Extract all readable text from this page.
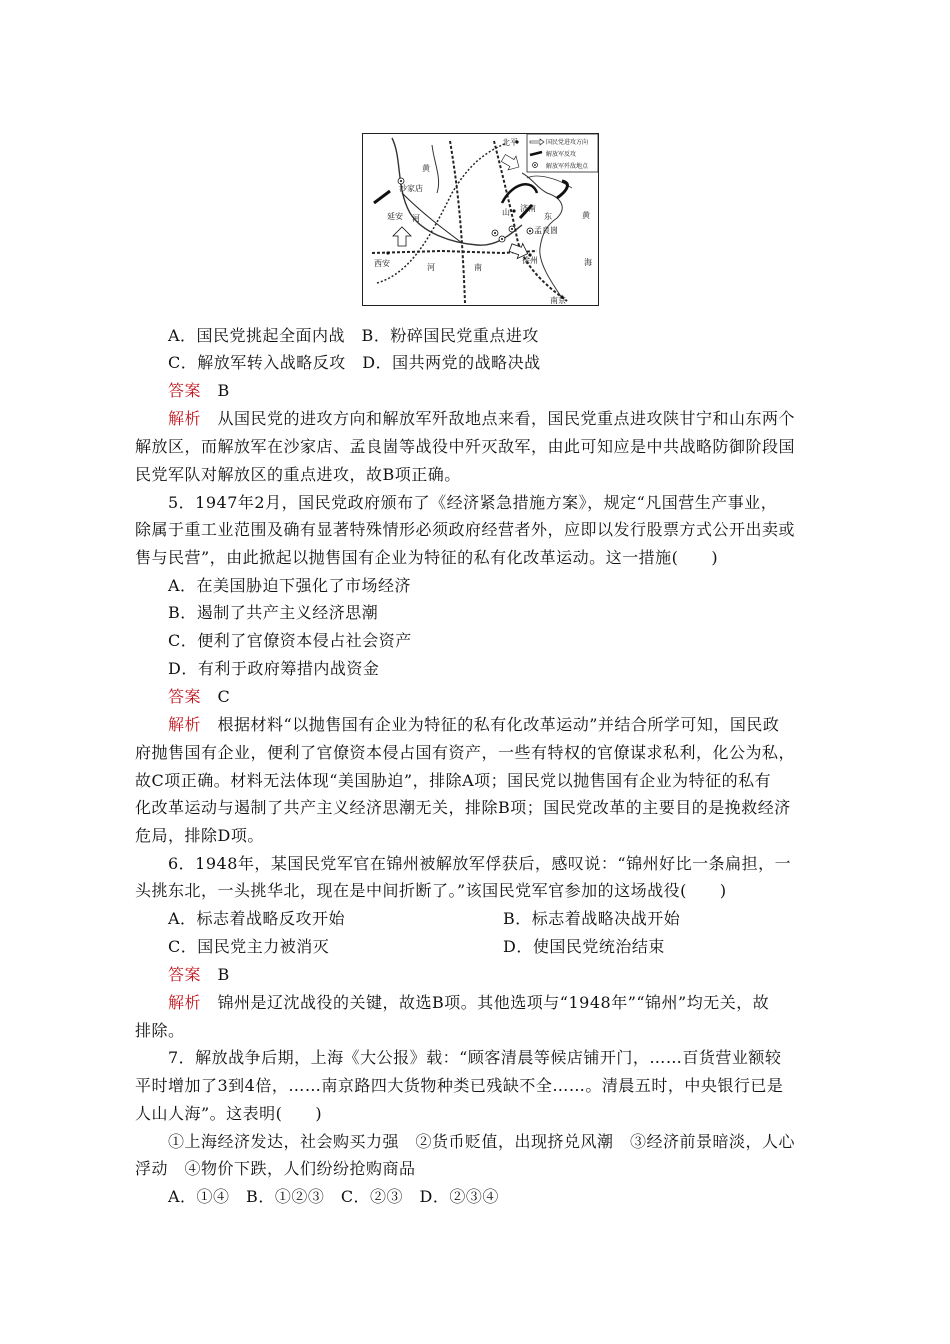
国民党进攻方向
解放军反攻
解放军歼敌地点
北平
黄
沙家店
延安 河
济南
山	东
孟良崮
徐州
黄
海
西安	河	南
南京
A．国民党挑起全面内战　B．粉碎国民党重点进攻
C．解放军转入战略反攻　D．国共两党的战略决战
答案　 B
解析　 从国民党的进攻方向和解放军歼敌地点来看，国民党重点进攻陕甘宁和山东两个
解放区，而解放军在沙家店、孟良崮等战役中歼灭敌军，由此可知应是中共战略防御阶段国
民党军队对解放区的重点进攻，故B项正确。
5．1947年2月，国民党政府颁布了《经济紧急措施方案》，规定“凡国营生产事业，
除属于重工业范围及确有显著特殊情形必须政府经营者外，应即以发行股票方式公开出卖或
售与民营”，由此掀起以抛售国有企业为特征的私有化改革运动。这一措施(　　)
A．在美国胁迫下强化了市场经济
B．遏制了共产主义经济思潮
C．便利了官僚资本侵占社会资产
D．有利于政府筹措内战资金
答案　 C
解析　 根据材料“以抛售国有企业为特征的私有化改革运动”并结合所学可知，国民政
府抛售国有企业，便利了官僚资本侵占国有资产，一些有特权的官僚谋求私利，化公为私，
故C项正确。材料无法体现“美国胁迫”，排除A项；国民党以抛售国有企业为特征的私有
化改革运动与遏制了共产主义经济思潮无关，排除B项；国民党改革的主要目的是挽救经济
危局，排除D项。
6．1948年，某国民党军官在锦州被解放军俘获后，感叹说：“锦州好比一条扁担，一
头挑东北，一头挑华北，现在是中间折断了。”该国民党军官参加的这场战役(　　)
A．标志着战略反攻开始	B．标志着战略决战开始
C．国民党主力被消灭	D．使国民党统治结束
答案　 B
解析　 锦州是辽沈战役的关键，故选B项。其他选项与“1948年”“锦州”均无关，故
排除。
7．解放战争后期，上海《大公报》载：“顾客清晨等候店铺开门，……百货营业额较
平时增加了3到4倍，……南京路四大货物种类已残缺不全……。清晨五时，中央银行已是
人山人海”。这表明(　　)
①上海经济发达，社会购买力强　②货币贬值，出现挤兑风潮　③经济前景暗淡，人心
浮动　④物价下跌，人们纷纷抢购商品
A．①④　B．①②③　C．②③　D．②③④
